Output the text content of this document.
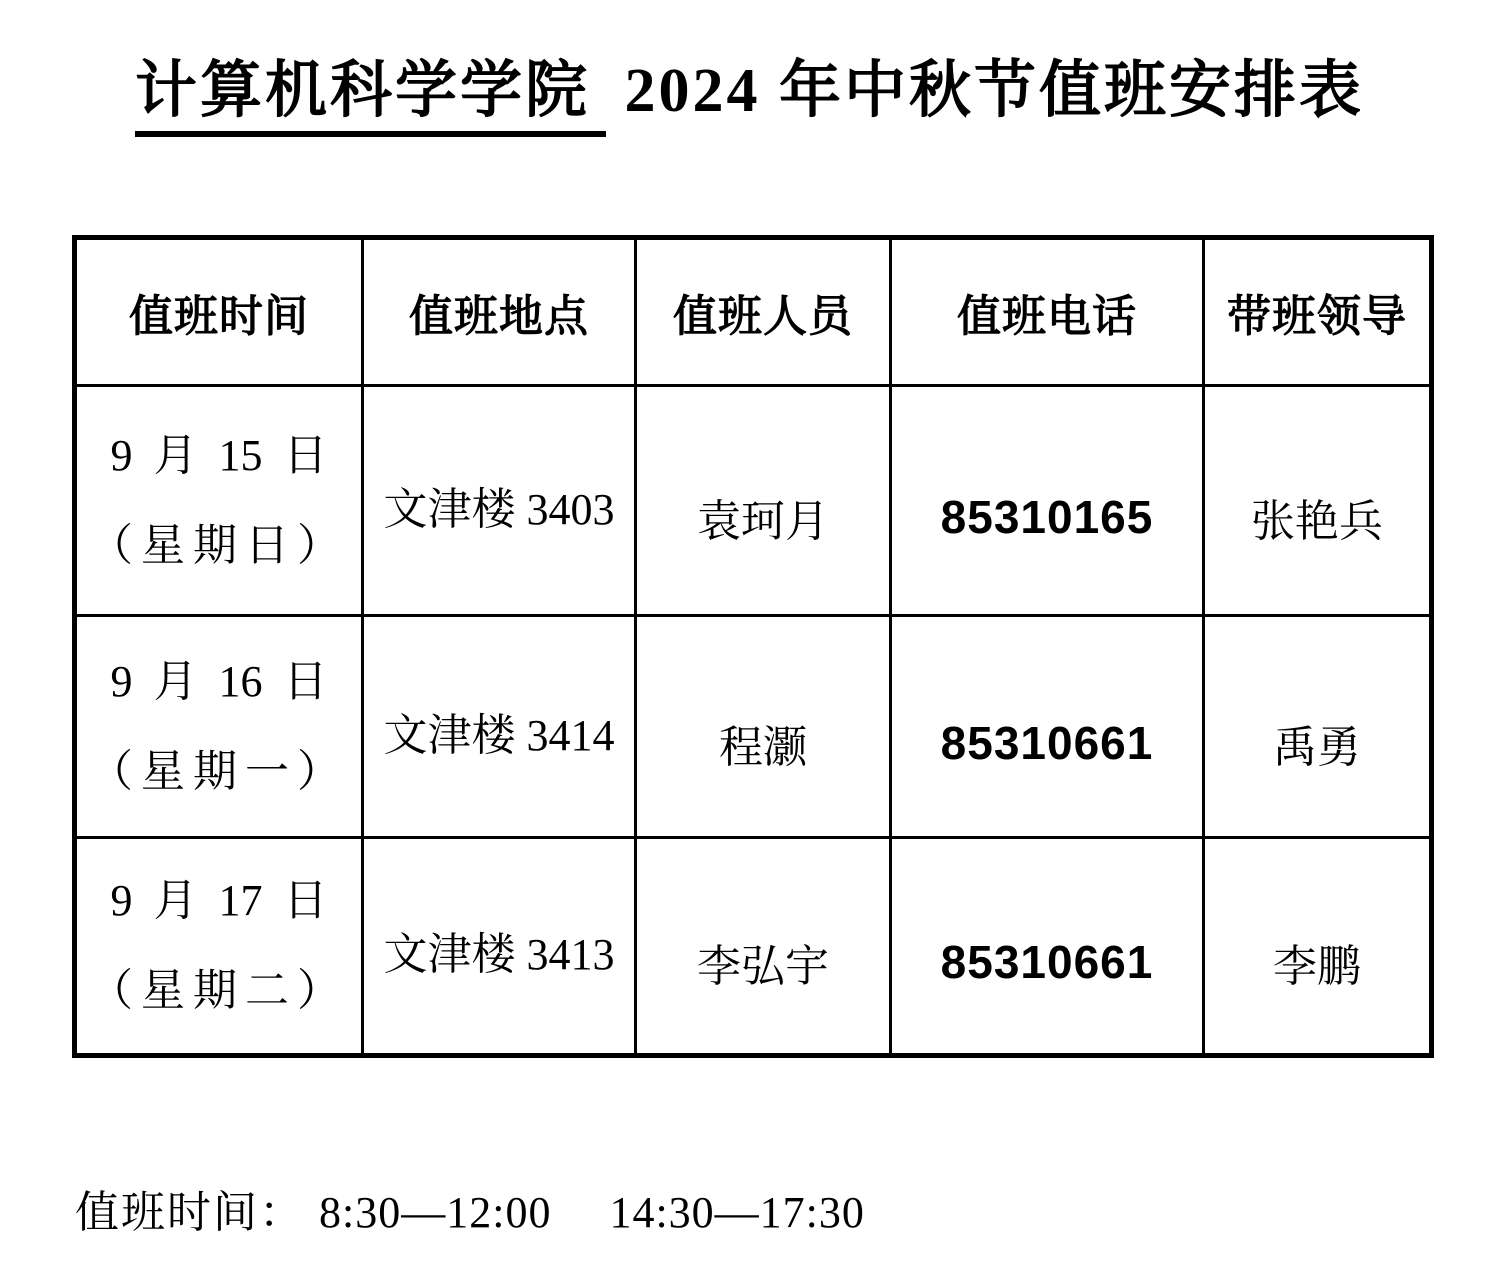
计算机科学学院 2024 年中秋节值班安排表
值班时间	值班地点	值班人员	值班电话	带班领导

9 月 15 日
（星期日）	文津楼 3403	袁珂月	85310165	张艳兵

9 月 16 日
（星期一）	文津楼 3414	程灏	85310661	禹勇

9 月 17 日
（星期二）	文津楼 3413	李弘宇	85310661	李鹏

值班时间： 8:30—12:00 14:30—17:30
